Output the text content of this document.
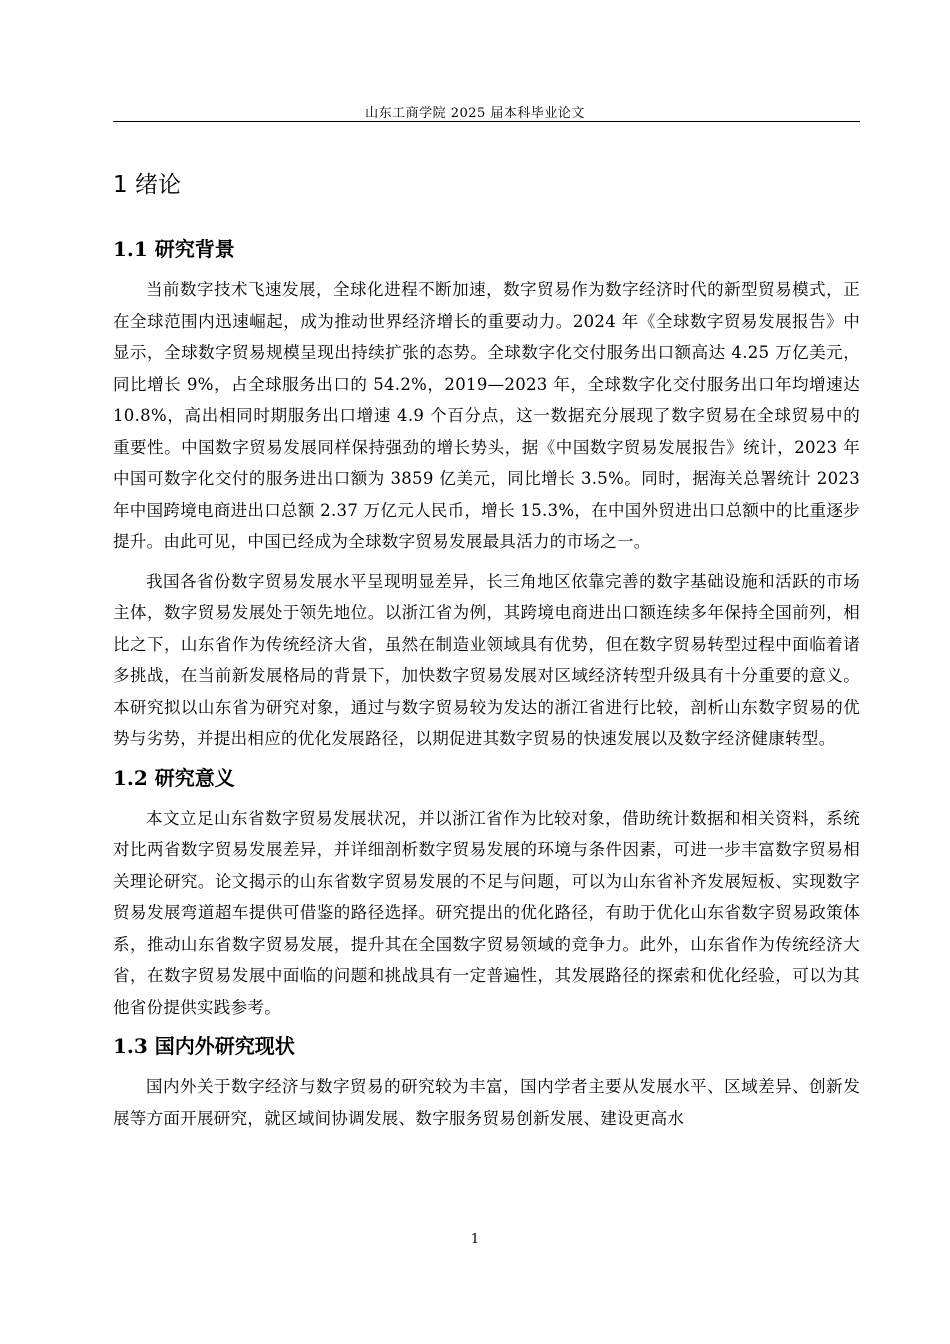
山东工商学院 2025 届本科毕业论文
1 绪论
1.1 研究背景

当前数字技术飞速发展，全球化进程不断加速，数字贸易作为数字经济时代的新型贸易模式，正在全球范围内迅速崛起，成为推动世界经济增长的重要动力。2024 年《全球数字贸易发展报告》中显示，全球数字贸易规模呈现出持续扩张的态势。全球数字化交付服务出口额高达 4.25 万亿美元，同比增长 9%，占全球服务出口的 54.2%，2019—2023 年，全球数字化交付服务出口年均增速达 10.8%，高出相同时期服务出口增速 4.9 个百分点，这一数据充分展现了数字贸易在全球贸易中的重要性。中国数字贸易发展同样保持强劲的增长势头，据《中国数字贸易发展报告》统计，2023 年中国可数字化交付的服务进出口额为 3859 亿美元，同比增长 3.5%。同时，据海关总署统计 2023 年中国跨境电商进出口总额 2.37 万亿元人民币，增长 15.3%，在中国外贸进出口总额中的比重逐步提升。由此可见，中国已经成为全球数字贸易发展最具活力的市场之一。

我国各省份数字贸易发展水平呈现明显差异，长三角地区依靠完善的数字基础设施和活跃的市场主体，数字贸易发展处于领先地位。以浙江省为例，其跨境电商进出口额连续多年保持全国前列，相比之下，山东省作为传统经济大省，虽然在制造业领域具有优势，但在数字贸易转型过程中面临着诸多挑战，在当前新发展格局的背景下，加快数字贸易发展对区域经济转型升级具有十分重要的意义。本研究拟以山东省为研究对象，通过与数字贸易较为发达的浙江省进行比较，剖析山东数字贸易的优势与劣势，并提出相应的优化发展路径，以期促进其数字贸易的快速发展以及数字经济健康转型。

1.2 研究意义

本文立足山东省数字贸易发展状况，并以浙江省作为比较对象，借助统计数据和相关资料，系统对比两省数字贸易发展差异，并详细剖析数字贸易发展的环境与条件因素，可进一步丰富数字贸易相关理论研究。论文揭示的山东省数字贸易发展的不足与问题，可以为山东省补齐发展短板、实现数字贸易发展弯道超车提供可借鉴的路径选择。研究提出的优化路径，有助于优化山东省数字贸易政策体系，推动山东省数字贸易发展，提升其在全国数字贸易领域的竞争力。此外，山东省作为传统经济大省，在数字贸易发展中面临的问题和挑战具有一定普遍性，其发展路径的探索和优化经验，可以为其他省份提供实践参考。

1.3 国内外研究现状

国内外关于数字经济与数字贸易的研究较为丰富，国内学者主要从发展水平、区域差异、创新发展等方面开展研究，就区域间协调发展、数字服务贸易创新发展、建设更高水

1
